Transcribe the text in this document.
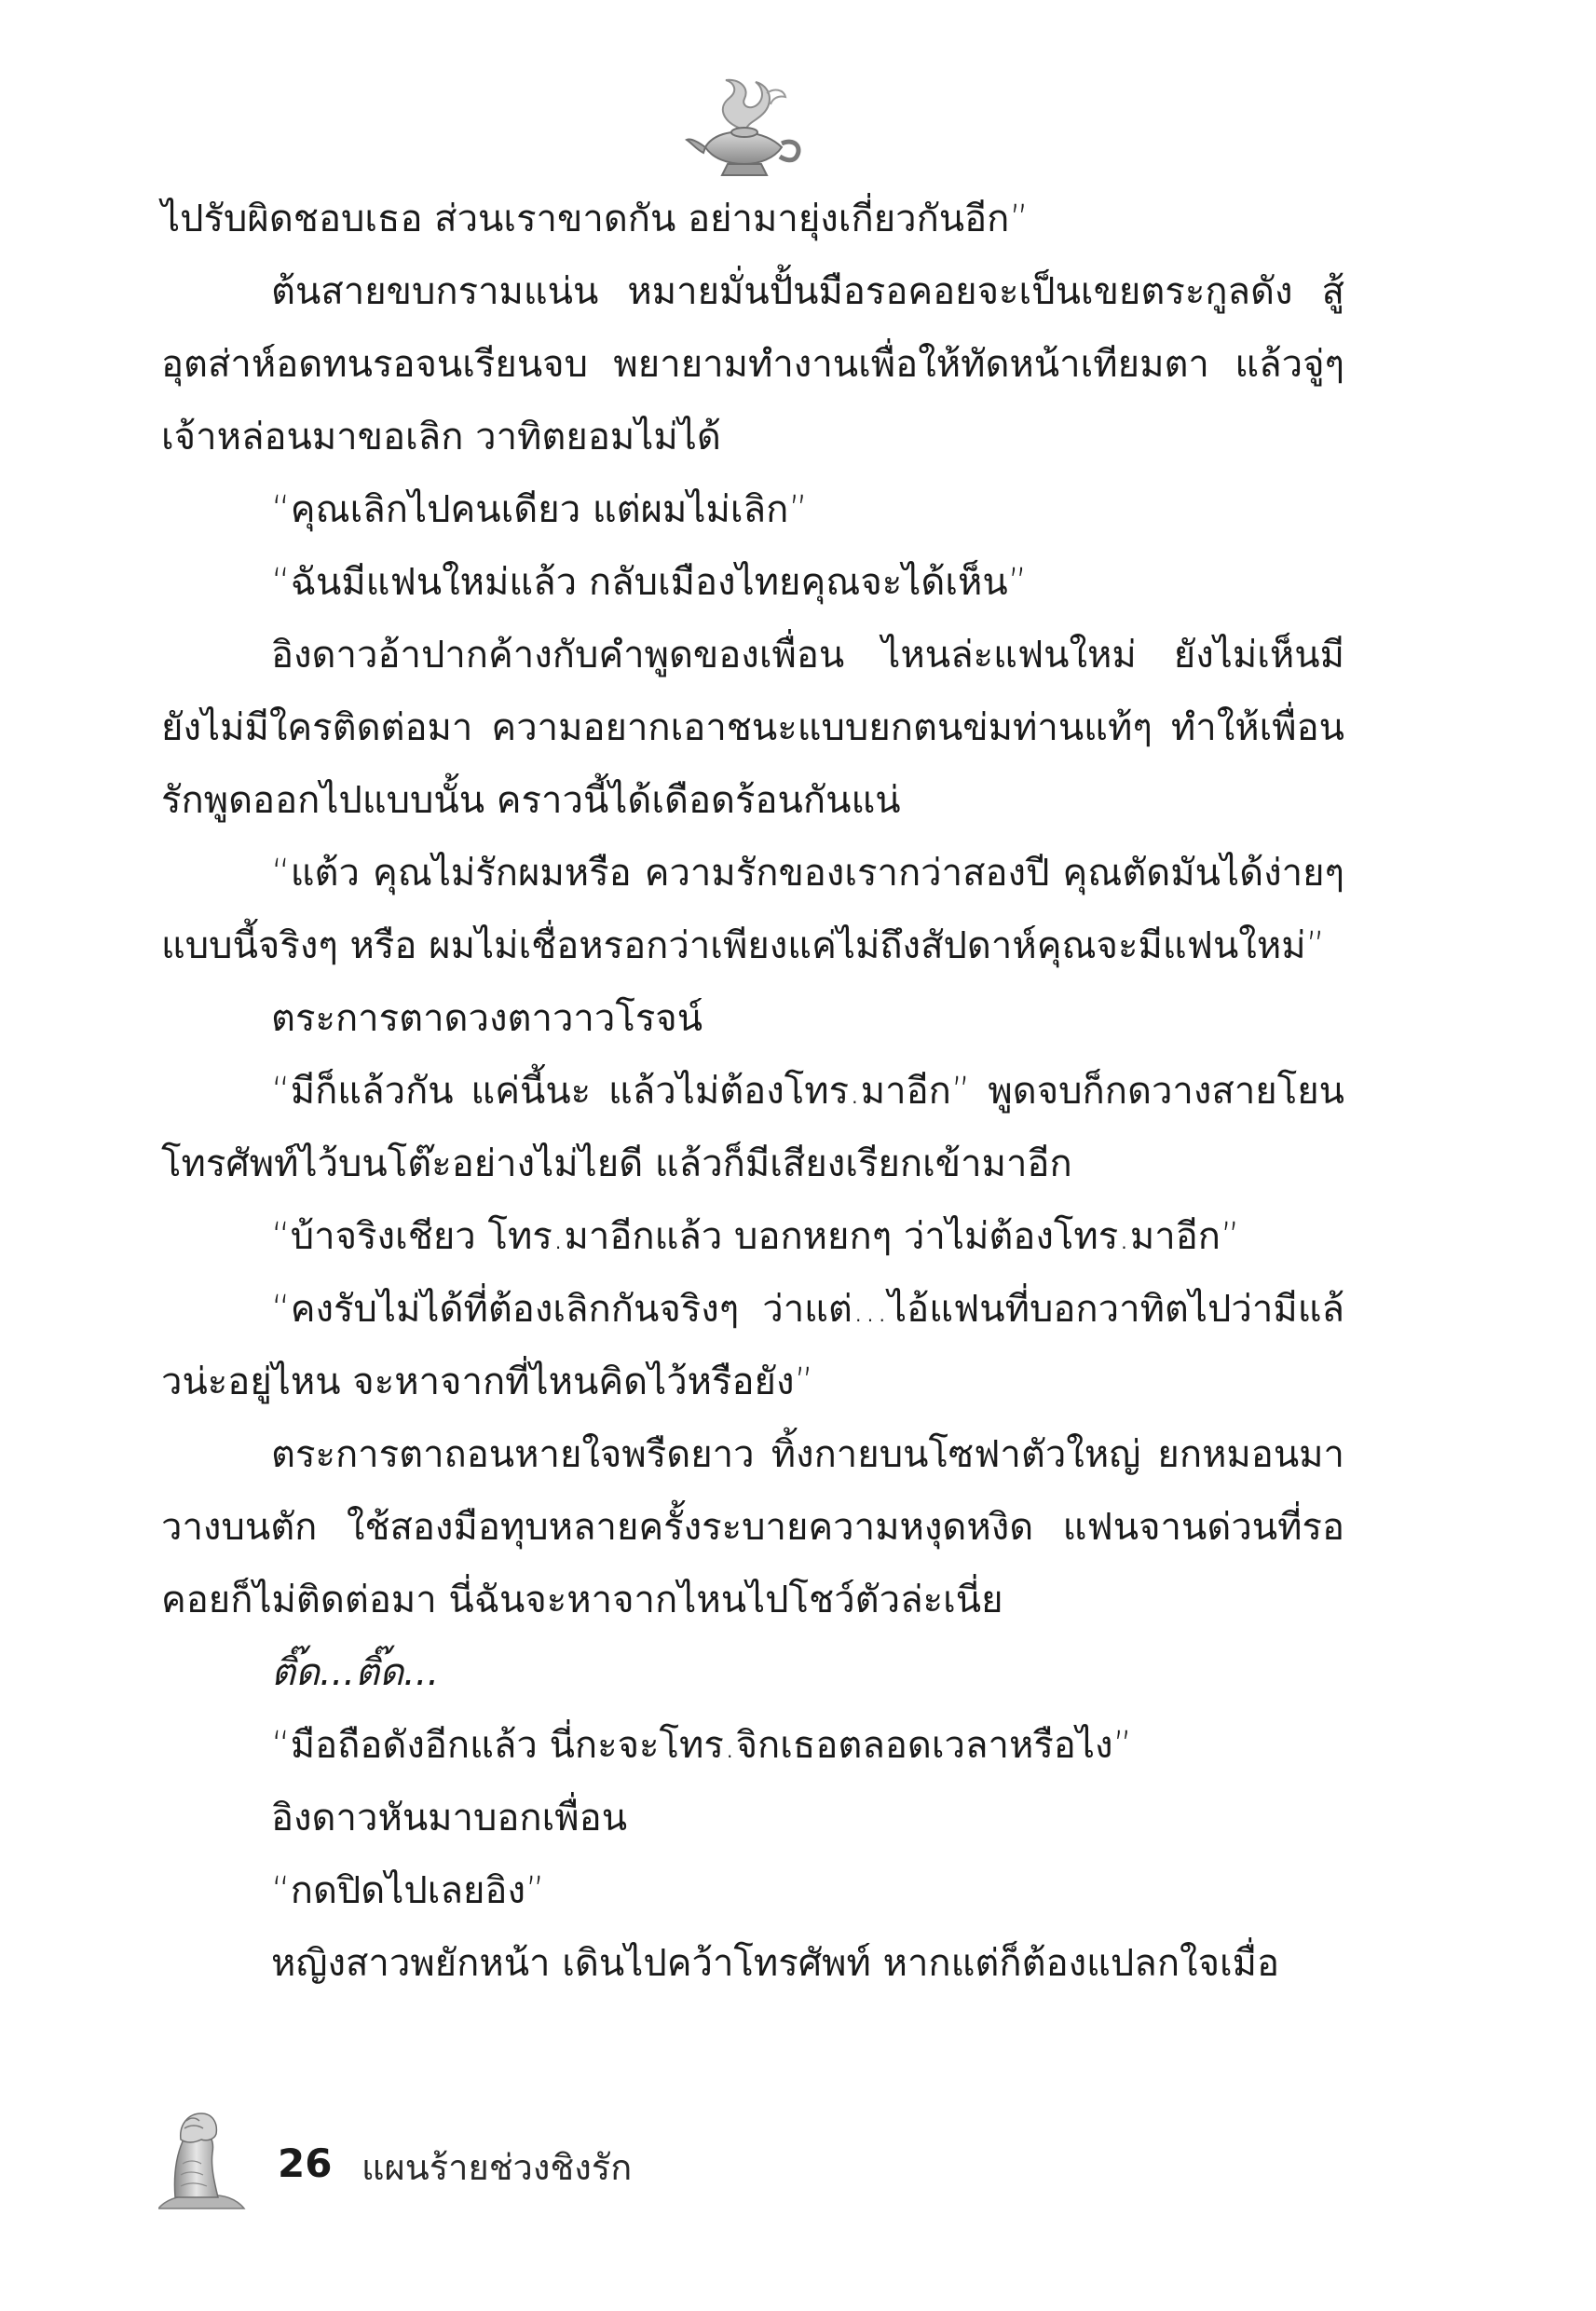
ไปรับผิดชอบเธอ ส่วนเราขาดกัน อย่ามายุ่งเกี่ยวกันอีก”

ต้นสายขบกรามแน่น หมายมั่นปั้นมือรอคอยจะเป็นเขยตระกูลดัง สู้อุตส่าห์อดทนรอจนเรียนจบ พยายามทำงานเพื่อให้ทัดหน้าเทียมตา แล้วจู่ๆ เจ้าหล่อนมาขอเลิก วาทิตยอมไม่ได้

“คุณเลิกไปคนเดียว แต่ผมไม่เลิก”

“ฉันมีแฟนใหม่แล้ว กลับเมืองไทยคุณจะได้เห็น”

อิงดาวอ้าปากค้างกับคำพูดของเพื่อน ไหนล่ะแฟนใหม่ ยังไม่เห็นมี ยังไม่มีใครติดต่อมา ความอยากเอาชนะแบบยกตนข่มท่านแท้ๆ ทำให้เพื่อนรักพูดออกไปแบบนั้น คราวนี้ได้เดือดร้อนกันแน่

“แต้ว คุณไม่รักผมหรือ ความรักของเรากว่าสองปี คุณตัดมันได้ง่ายๆ แบบนี้จริงๆ หรือ ผมไม่เชื่อหรอกว่าเพียงแค่ไม่ถึงสัปดาห์คุณจะมีแฟนใหม่”

ตระการตาดวงตาวาวโรจน์

“มีก็แล้วกัน แค่นี้นะ แล้วไม่ต้องโทร.มาอีก” พูดจบก็กดวางสายโยนโทรศัพท์ไว้บนโต๊ะอย่างไม่ไยดี แล้วก็มีเสียงเรียกเข้ามาอีก

“บ้าจริงเชียว โทร.มาอีกแล้ว บอกหยกๆ ว่าไม่ต้องโทร.มาอีก”

“คงรับไม่ได้ที่ต้องเลิกกันจริงๆ ว่าแต่...ไอ้แฟนที่บอกวาทิตไปว่ามีแล้วน่ะอยู่ไหน จะหาจากที่ไหนคิดไว้หรือยัง”

ตระการตาถอนหายใจพรืดยาว ทิ้งกายบนโซฟาตัวใหญ่ ยกหมอนมาวางบนตัก ใช้สองมือทุบหลายครั้งระบายความหงุดหงิด แฟนจานด่วนที่รอคอยก็ไม่ติดต่อมา นี่ฉันจะหาจากไหนไปโชว์ตัวล่ะเนี่ย

ติ๊ด...ติ๊ด...

“มือถือดังอีกแล้ว นี่กะจะโทร.จิกเธอตลอดเวลาหรือไง”

อิงดาวหันมาบอกเพื่อน

“กดปิดไปเลยอิง”

หญิงสาวพยักหน้า เดินไปคว้าโทรศัพท์ หากแต่ก็ต้องแปลกใจเมื่อ

26 แผนร้ายช่วงชิงรัก
